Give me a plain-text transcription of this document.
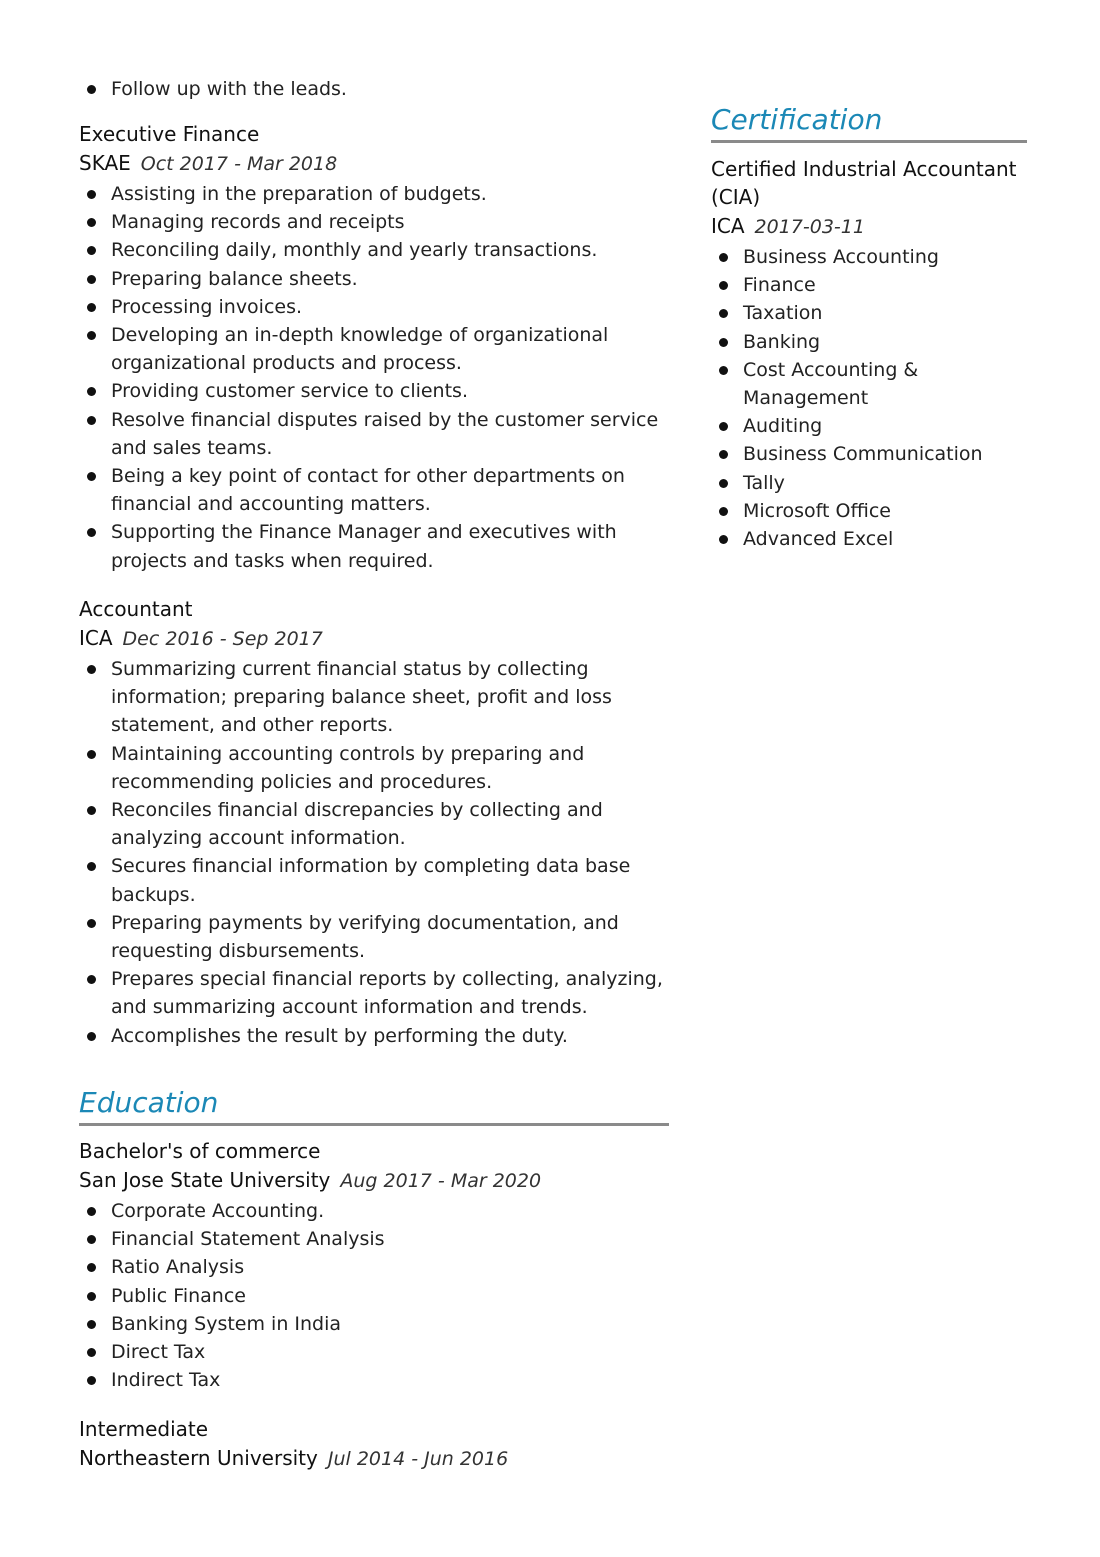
Follow up with the leads.
Executive Finance
SKAE Oct 2017 - Mar 2018
Assisting in the preparation of budgets.
Managing records and receipts
Reconciling daily, monthly and yearly transactions.
Preparing balance sheets.
Processing invoices.
Developing an in-depth knowledge of organizational organizational products and process.
Providing customer service to clients.
Resolve financial disputes raised by the customer service and sales teams.
Being a key point of contact for other departments on financial and accounting matters.
Supporting the Finance Manager and executives with projects and tasks when required.
Accountant
ICA Dec 2016 - Sep 2017
Summarizing current financial status by collecting information; preparing balance sheet, profit and loss statement, and other reports.
Maintaining accounting controls by preparing and recommending policies and procedures.
Reconciles financial discrepancies by collecting and analyzing account information.
Secures financial information by completing data base backups.
Preparing payments by verifying documentation, and requesting disbursements.
Prepares special financial reports by collecting, analyzing, and summarizing account information and trends.
Accomplishes the result by performing the duty.
Education
Bachelor's of commerce
San Jose State University Aug 2017 - Mar 2020
Corporate Accounting.
Financial Statement Analysis
Ratio Analysis
Public Finance
Banking System in India
Direct Tax
Indirect Tax
Intermediate
Northeastern University Jul 2014 - Jun 2016
Certification
Certified Industrial Accountant (CIA)
ICA 2017-03-11
Business Accounting
Finance
Taxation
Banking
Cost Accounting & Management
Auditing
Business Communication
Tally
Microsoft Office
Advanced Excel
